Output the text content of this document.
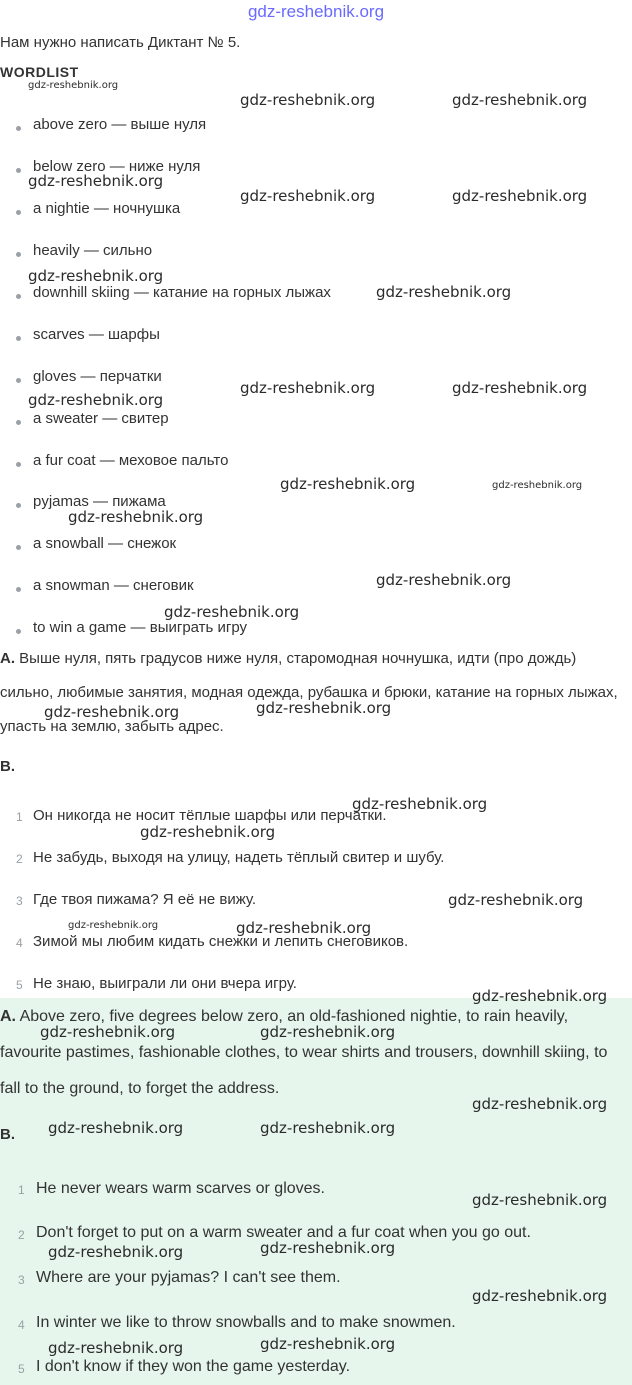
gdz-reshebnik.org
Нам нужно написать Диктант № 5.
WORDLIST
above zero — выше нуля
below zero — ниже нуля
a nightie — ночнушка
heavily — сильно
downhill skiing — катание на горных лыжах
scarves — шарфы
gloves — перчатки
a sweater — свитер
a fur coat — меховое пальто
pyjamas — пижама
a snowball — снежок
a snowman — снеговик
to win a game — выиграть игру
A. Выше нуля, пять градусов ниже нуля, старомодная ночнушка, идти (про дождь) сильно, любимые занятия, модная одежда, рубашка и брюки, катание на горных лыжах, упасть на землю, забыть адрес.
B.
1 Он никогда не носит тёплые шарфы или перчатки.
2 Не забудь, выходя на улицу, надеть тёплый свитер и шубу.
3 Где твоя пижама? Я её не вижу.
4 Зимой мы любим кидать снежки и лепить снеговиков.
5 Не знаю, выиграли ли они вчера игру.
A. Above zero, five degrees below zero, an old-fashioned nightie, to rain heavily, favourite pastimes, fashionable clothes, to wear shirts and trousers, downhill skiing, to fall to the ground, to forget the address.
B.
1 He never wears warm scarves or gloves.
2 Don't forget to put on a warm sweater and a fur coat when you go out.
3 Where are your pyjamas? I can't see them.
4 In winter we like to throw snowballs and to make snowmen.
5 I don't know if they won the game yesterday.
gdz-reshebnik.org
gdz-reshebnik.org	gdz-reshebnik.org
gdz-reshebnik.org
gdz-reshebnik.org	gdz-reshebnik.org
gdz-reshebnik.org
gdz-reshebnik.org
gdz-reshebnik.org	gdz-reshebnik.org
gdz-reshebnik.org
gdz-reshebnik.org	gdz-reshebnik.org
gdz-reshebnik.org
gdz-reshebnik.org
gdz-reshebnik.org
gdz-reshebnik.org	gdz-reshebnik.org
gdz-reshebnik.org
gdz-reshebnik.org
gdz-reshebnik.org
gdz-reshebnik.org	gdz-reshebnik.org
gdz-reshebnik.org
gdz-reshebnik.org	gdz-reshebnik.org
gdz-reshebnik.org
gdz-reshebnik.org	gdz-reshebnik.org
gdz-reshebnik.org
gdz-reshebnik.org	gdz-reshebnik.org
gdz-reshebnik.org
gdz-reshebnik.org	gdz-reshebnik.org
